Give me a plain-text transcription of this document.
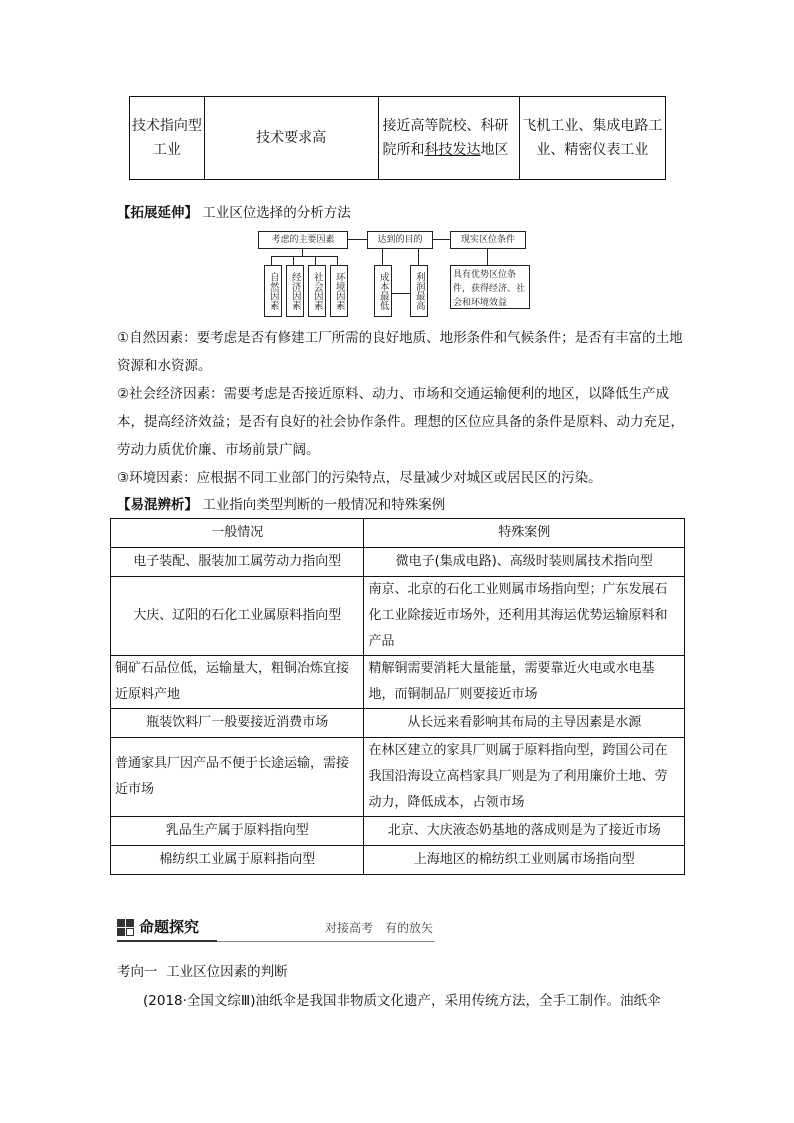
技术指向型工业	技术要求高	接近高等院校、科研院所和科技发达地区	飞机工业、集成电路工业、精密仪表工业
【拓展延伸】 工业区位选择的分析方法
考虑的主要因素	达到的目的	现实区位条件
自然因素	经济因素	社会因素	环境因素	成本最低	利润最高	具有优势区位条件，获得经济、社会和环境效益
①自然因素：要考虑是否有修建工厂所需的良好地质、地形条件和气候条件；是否有丰富的土地资源和水资源。
②社会经济因素：需要考虑是否接近原料、动力、市场和交通运输便利的地区，以降低生产成本，提高经济效益；是否有良好的社会协作条件。理想的区位应具备的条件是原料、动力充足，劳动力质优价廉、市场前景广阔。
③环境因素：应根据不同工业部门的污染特点，尽量减少对城区或居民区的污染。
【易混辨析】 工业指向类型判断的一般情况和特殊案例
一般情况	特殊案例
电子装配、服装加工属劳动力指向型	微电子(集成电路)、高级时装则属技术指向型
大庆、辽阳的石化工业属原料指向型	南京、北京的石化工业则属市场指向型；广东发展石化工业除接近市场外，还利用其海运优势运输原料和产品
铜矿石品位低，运输量大，粗铜冶炼宜接近原料产地	精解铜需要消耗大量能量，需要靠近火电或水电基地，而铜制品厂则要接近市场
瓶装饮料厂一般要接近消费市场	从长远来看影响其布局的主导因素是水源
普通家具厂因产品不便于长途运输，需接近市场	在林区建立的家具厂则属于原料指向型，跨国公司在我国沿海设立高档家具厂则是为了利用廉价土地、劳动力，降低成本，占领市场
乳品生产属于原料指向型	北京、大庆液态奶基地的落成则是为了接近市场
棉纺织工业属于原料指向型	上海地区的棉纺织工业则属市场指向型
命题探究	对接高考　有的放矢
考向一 工业区位因素的判断
(2018·全国文综Ⅲ)油纸伞是我国非物质文化遗产，采用传统方法，全手工制作。油纸伞
